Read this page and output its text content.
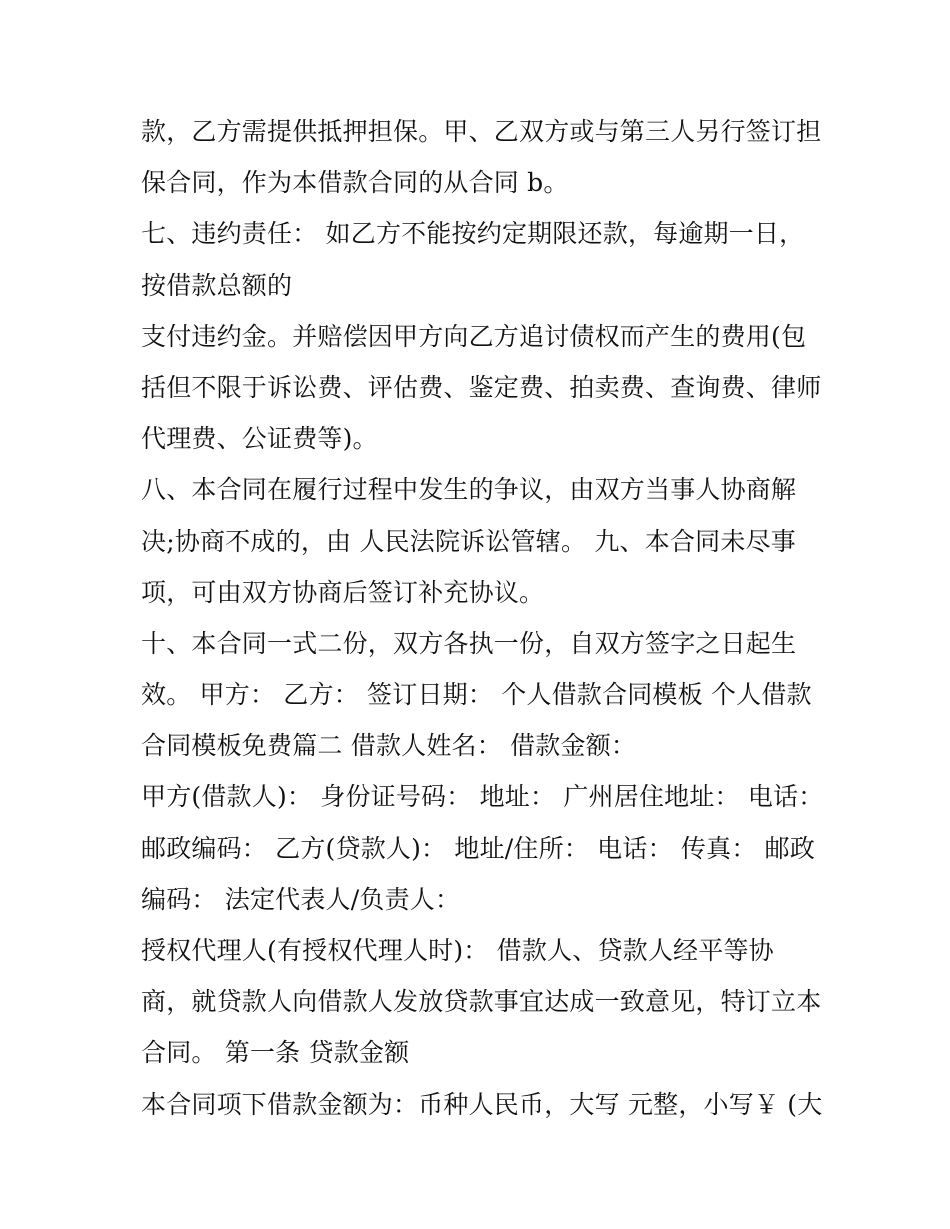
款，乙方需提供抵押担保。甲、乙双方或与第三人另行签订担
保合同，作为本借款合同的从合同 b。
七、违约责任： 如乙方不能按约定期限还款，每逾期一日，
按借款总额的
支付违约金。并赔偿因甲方向乙方追讨债权而产生的费用(包
括但不限于诉讼费、评估费、鉴定费、拍卖费、查询费、律师
代理费、公证费等)。
八、本合同在履行过程中发生的争议，由双方当事人协商解
决;协商不成的，由 人民法院诉讼管辖。 九、本合同未尽事
项，可由双方协商后签订补充协议。
十、本合同一式二份，双方各执一份，自双方签字之日起生
效。 甲方： 乙方： 签订日期： 个人借款合同模板 个人借款
合同模板免费篇二 借款人姓名： 借款金额：
甲方(借款人)： 身份证号码： 地址： 广州居住地址： 电话：
邮政编码： 乙方(贷款人)： 地址/住所： 电话： 传真： 邮政
编码： 法定代表人/负责人：
授权代理人(有授权代理人时)： 借款人、贷款人经平等协
商，就贷款人向借款人发放贷款事宜达成一致意见，特订立本
合同。 第一条 贷款金额
本合同项下借款金额为：币种人民币，大写 元整，小写￥ (大
